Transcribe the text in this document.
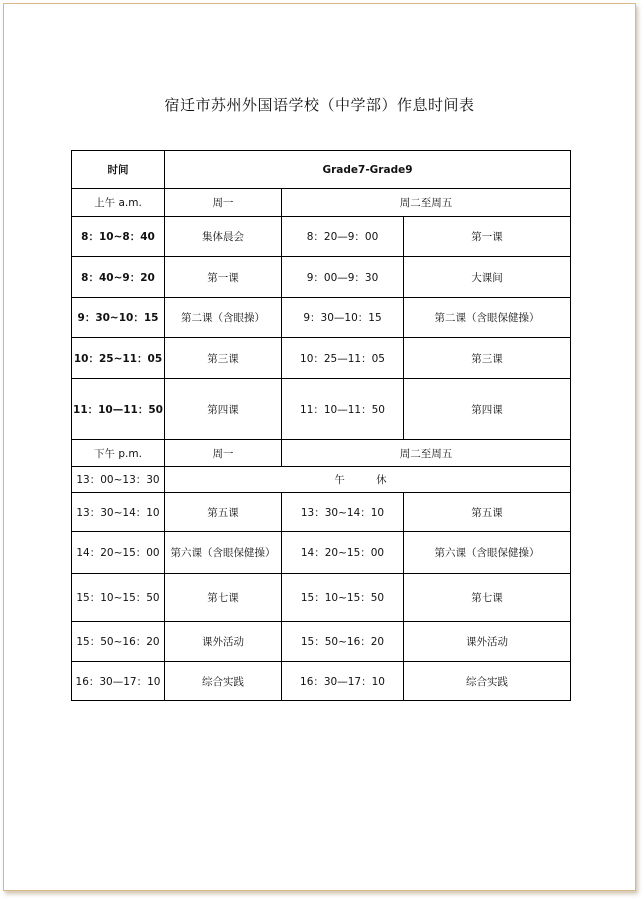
宿迁市苏州外国语学校（中学部）作息时间表
时间	Grade7-Grade9		
上午 a.m.	周一	周二至周五	
8：10~8：40	集体晨会	8：20—9：00	第一课
8：40~9：20	第一课	9：00—9：30	大课间
9：30~10：15	第二课（含眼操）	9：30—10：15	第二课（含眼保健操）
10：25~11：05	第三课	10：25—11：05	第三课
11：10—11：50	第四课	11：10—11：50	第四课
下午 p.m.	周一	周二至周五	
13：00~13：30	午 休		
13：30~14：10	第五课	13：30~14：10	第五课
14：20~15：00	第六课（含眼保健操）	14：20~15：00	第六课（含眼保健操）
15：10~15：50	第七课	15：10~15：50	第七课
15：50~16：20	课外活动	15：50~16：20	课外活动
16：30—17：10	综合实践	16：30—17：10	综合实践
